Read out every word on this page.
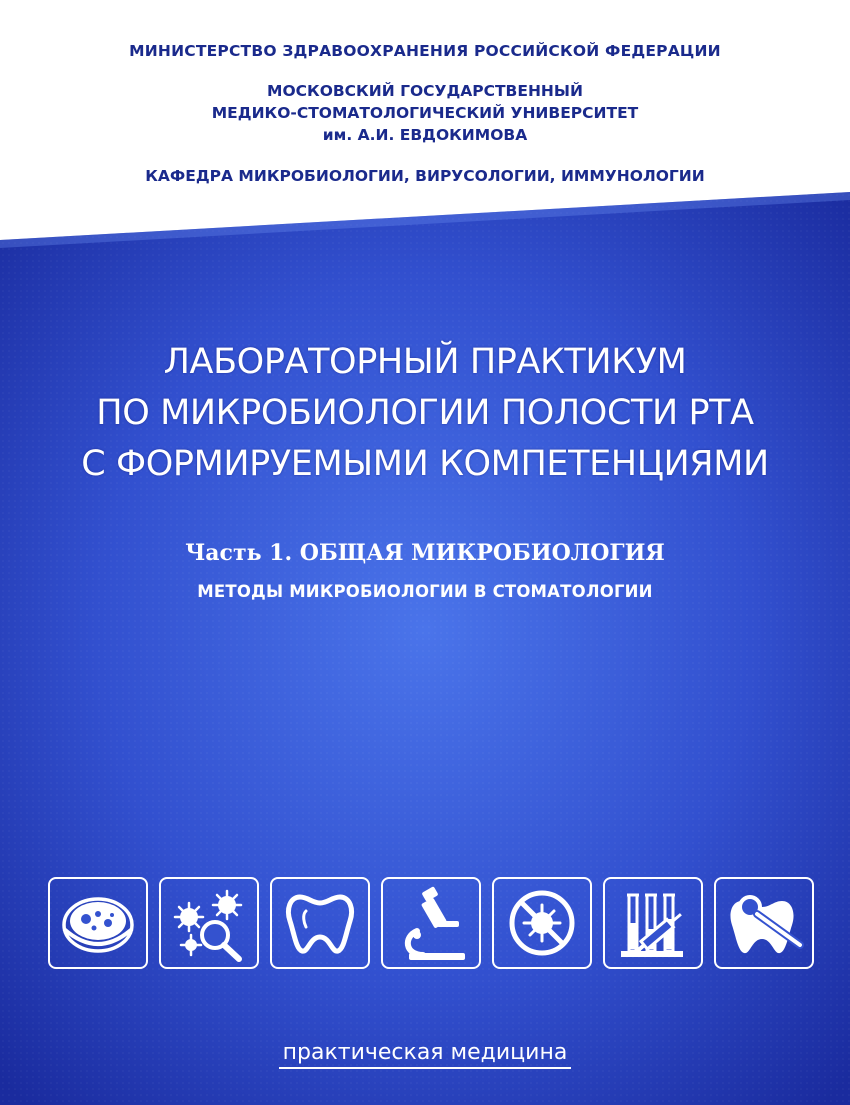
МИНИСТЕРСТВО ЗДРАВООХРАНЕНИЯ РОССИЙСКОЙ ФЕДЕРАЦИИ
МОСКОВСКИЙ ГОСУДАРСТВЕННЫЙ
МЕДИКО-СТОМАТОЛОГИЧЕСКИЙ УНИВЕРСИТЕТ
им. А.И. ЕВДОКИМОВА
КАФЕДРА МИКРОБИОЛОГИИ, ВИРУСОЛОГИИ, ИММУНОЛОГИИ
ЛАБОРАТОРНЫЙ ПРАКТИКУМ
ПО МИКРОБИОЛОГИИ ПОЛОСТИ РТА
С ФОРМИРУЕМЫМИ КОМПЕТЕНЦИЯМИ
Часть 1. ОБЩАЯ МИКРОБИОЛОГИЯ
МЕТОДЫ МИКРОБИОЛОГИИ В СТОМАТОЛОГИИ
практическая медицина
